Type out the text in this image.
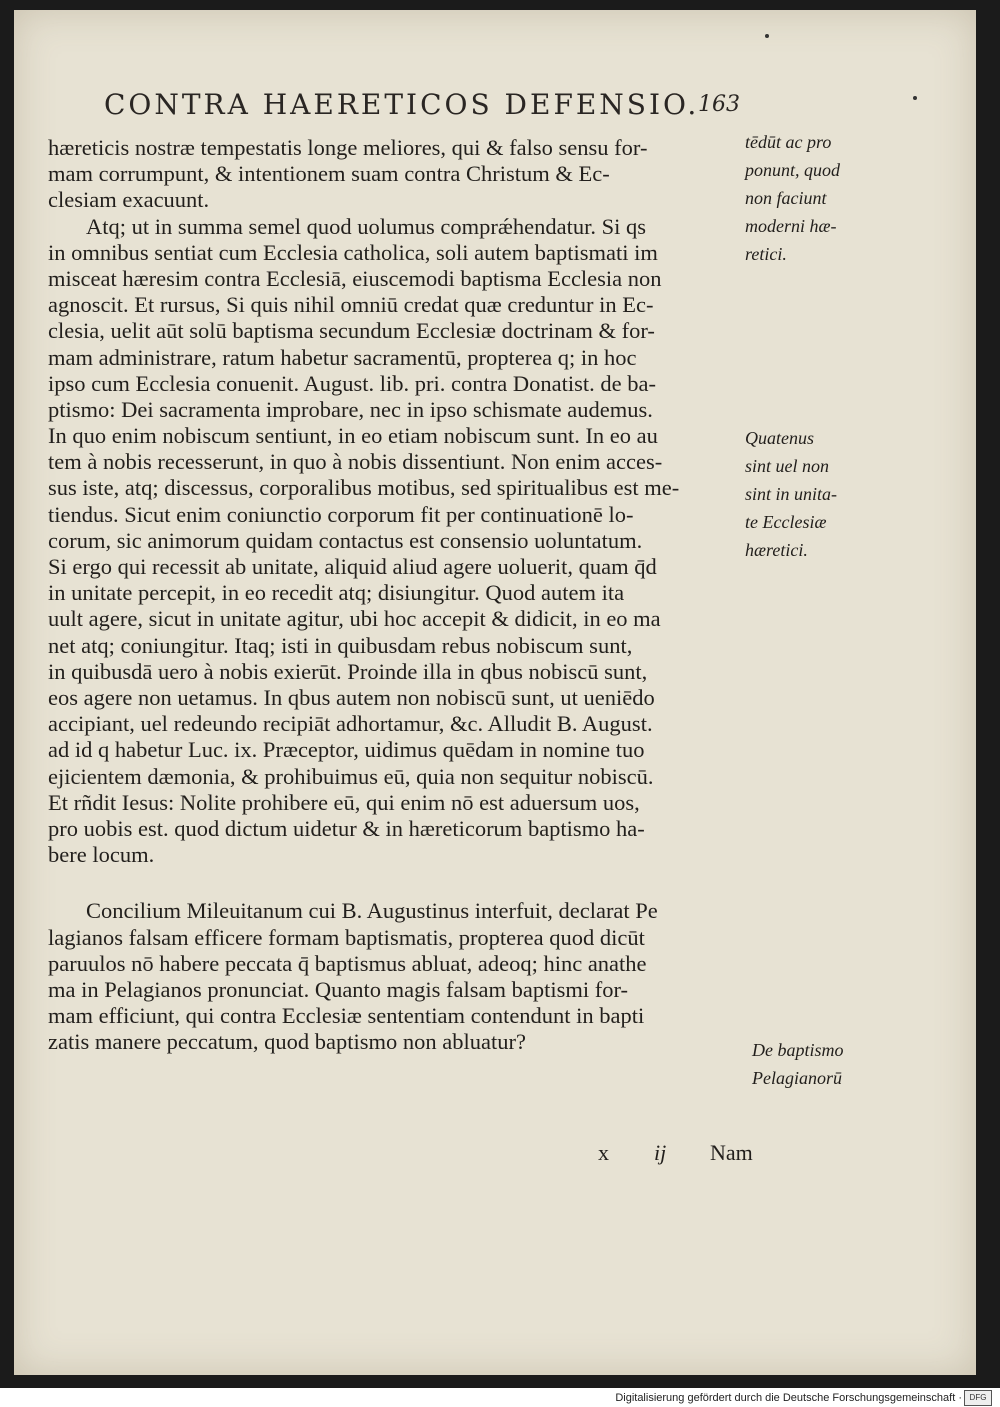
CONTRA HAERETICOS DEFENSIO.
163
hæreticis nostræ tempestatis longe meliores, qui & falso sensu for-
mam corrumpunt, & intentionem suam contra Christum & Ec-
clesiam exacuunt.
Atq; ut in summa semel quod uolumus comprǽhendatur. Si qs
in omnibus sentiat cum Ecclesia catholica, soli autem baptismati im
misceat hæresim contra Ecclesiā, eiuscemodi baptisma Ecclesia non
agnoscit. Et rursus, Si quis nihil omniū credat quæ creduntur in Ec-
clesia, uelit aūt solū baptisma secundum Ecclesiæ doctrinam & for-
mam administrare, ratum habetur sacramentū, propterea q; in hoc
ipso cum Ecclesia conuenit. August. lib. pri. contra Donatist. de ba-
ptismo: Dei sacramenta improbare, nec in ipso schismate audemus.
In quo enim nobiscum sentiunt, in eo etiam nobiscum sunt. In eo au
tem à nobis recesserunt, in quo à nobis dissentiunt. Non enim acces-
sus iste, atq; discessus, corporalibus motibus, sed spiritualibus est me-
tiendus. Sicut enim coniunctio corporum fit per continuationē lo-
corum, sic animorum quidam contactus est consensio uoluntatum.
Si ergo qui recessit ab unitate, aliquid aliud agere uoluerit, quam q̄d
in unitate percepit, in eo recedit atq; disiungitur. Quod autem ita
uult agere, sicut in unitate agitur, ubi hoc accepit & didicit, in eo ma
net atq; coniungitur. Itaq; isti in quibusdam rebus nobiscum sunt,
in quibusdā uero à nobis exierūt. Proinde illa in qbus nobiscū sunt,
eos agere non uetamus. In qbus autem non nobiscū sunt, ut ueniēdo
accipiant, uel redeundo recipiāt adhortamur, &c. Alludit B. August.
ad id q habetur Luc. ix. Præceptor, uidimus quēdam in nomine tuo
ejicientem dæmonia, & prohibuimus eū, quia non sequitur nobiscū.
Et rñdit Iesus: Nolite prohibere eū, qui enim nō est aduersum uos,
pro uobis est. quod dictum uidetur & in hæreticorum baptismo ha-
bere locum.
Concilium Mileuitanum cui B. Augustinus interfuit, declarat Pe
lagianos falsam efficere formam baptismatis, propterea quod dicūt
paruulos nō habere peccata q̄ baptismus abluat, adeoq; hinc anathe
ma in Pelagianos pronunciat. Quanto magis falsam baptismi for-
mam efficiunt, qui contra Ecclesiæ sententiam contendunt in bapti
zatis manere peccatum, quod baptismo non abluatur?
tēdūt ac pro
ponunt, quod
non faciunt
moderni hæ-
retici.
Quatenus
sint uel non
sint in unita-
te Ecclesiæ
hæretici.
De baptismo
Pelagianorū
x ij Nam
Digitalisierung gefördert durch die Deutsche Forschungsgemeinschaft · DFG
